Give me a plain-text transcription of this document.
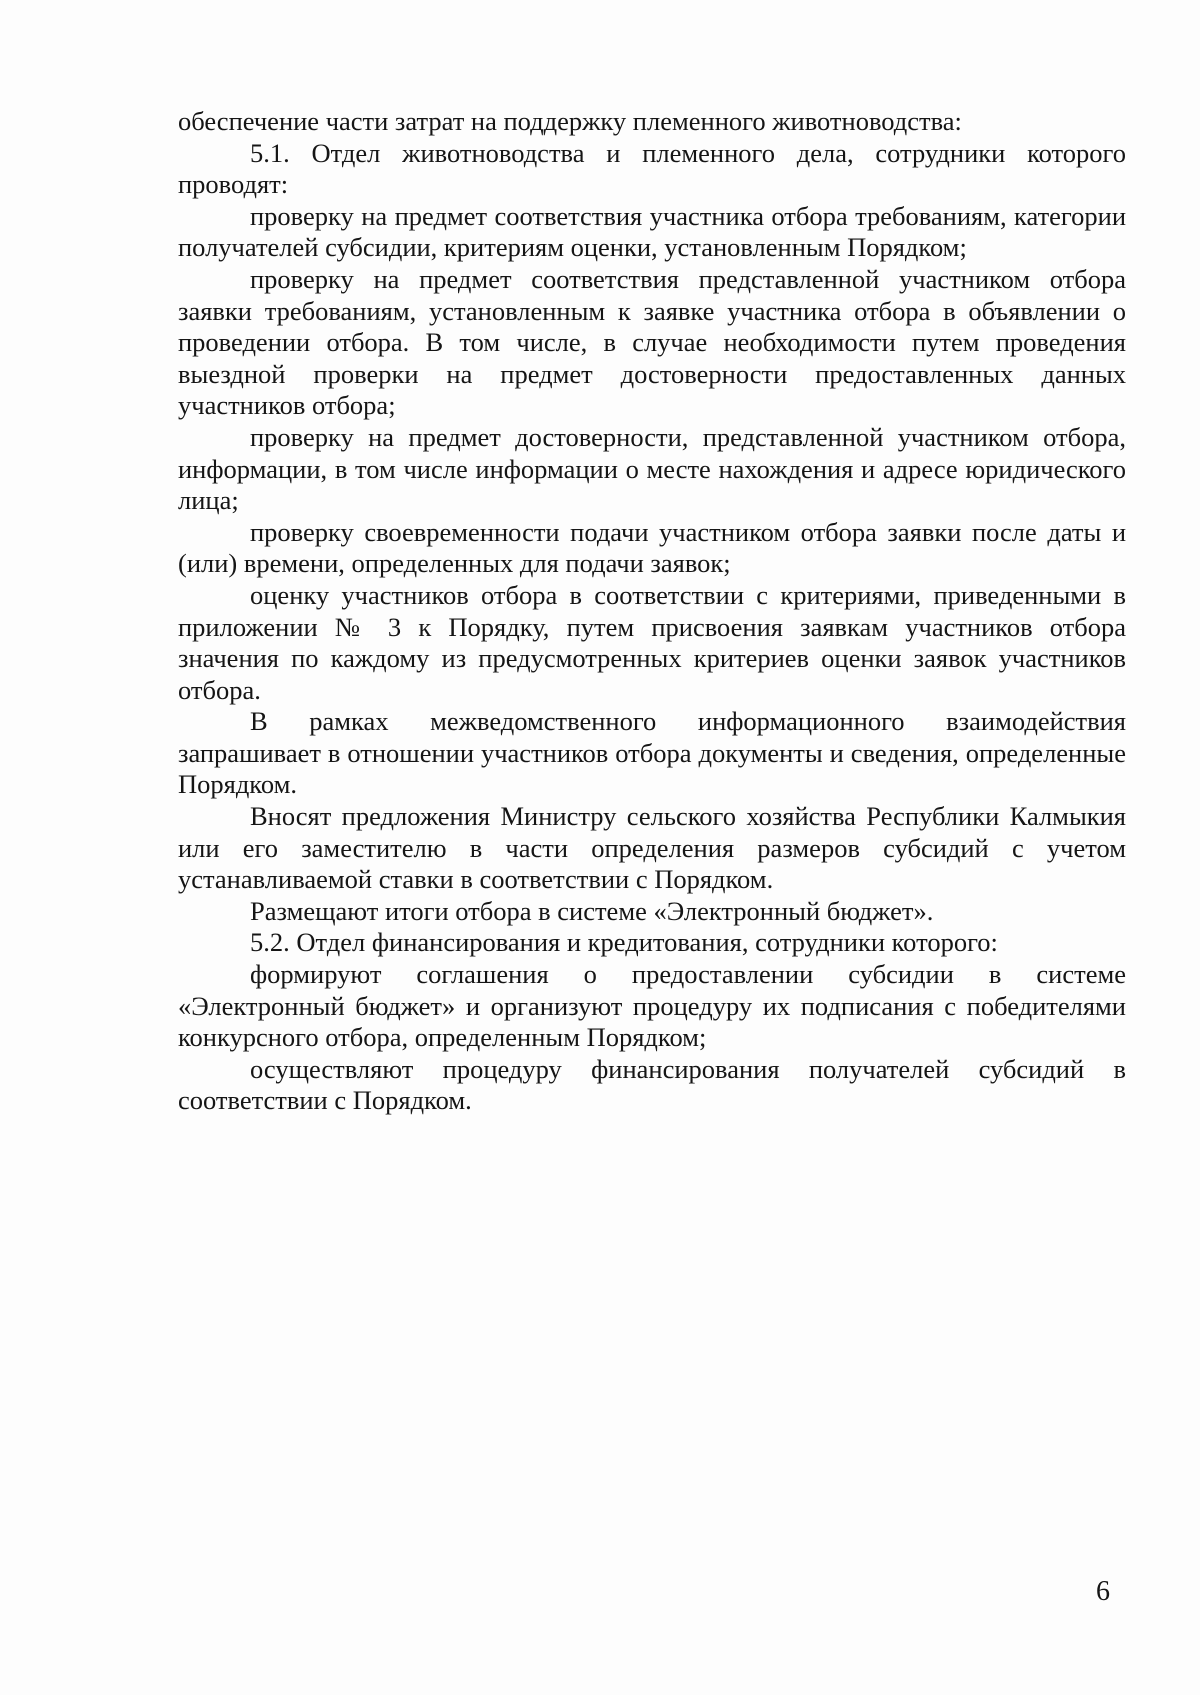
обеспечение части затрат на поддержку племенного животноводства:

5.1. Отдел животноводства и племенного дела, сотрудники которого проводят:

проверку на предмет соответствия участника отбора требованиям, категории получателей субсидии, критериям оценки, установленным Порядком;

проверку на предмет соответствия представленной участником отбора заявки требованиям, установленным к заявке участника отбора в объявлении о проведении отбора. В том числе, в случае необходимости путем проведения выездной проверки на предмет достоверности предоставленных данных участников отбора;

проверку на предмет достоверности, представленной участником отбора, информации, в том числе информации о месте нахождения и адресе юридического лица;

проверку своевременности подачи участником отбора заявки после даты и (или) времени, определенных для подачи заявок;

оценку участников отбора в соответствии с критериями, приведенными в приложении № 3 к Порядку, путем присвоения заявкам участников отбора значения по каждому из предусмотренных критериев оценки заявок участников отбора.

В рамках межведомственного информационного взаимодействия запрашивает в отношении участников отбора документы и сведения, определенные Порядком.

Вносят предложения Министру сельского хозяйства Республики Калмыкия или его заместителю в части определения размеров субсидий с учетом устанавливаемой ставки в соответствии с Порядком.

Размещают итоги отбора в системе «Электронный бюджет».

5.2. Отдел финансирования и кредитования, сотрудники которого:

формируют соглашения о предоставлении субсидии в системе «Электронный бюджет» и организуют процедуру их подписания с победителями конкурсного отбора, определенным Порядком;

осуществляют процедуру финансирования получателей субсидий в соответствии с Порядком.

6
